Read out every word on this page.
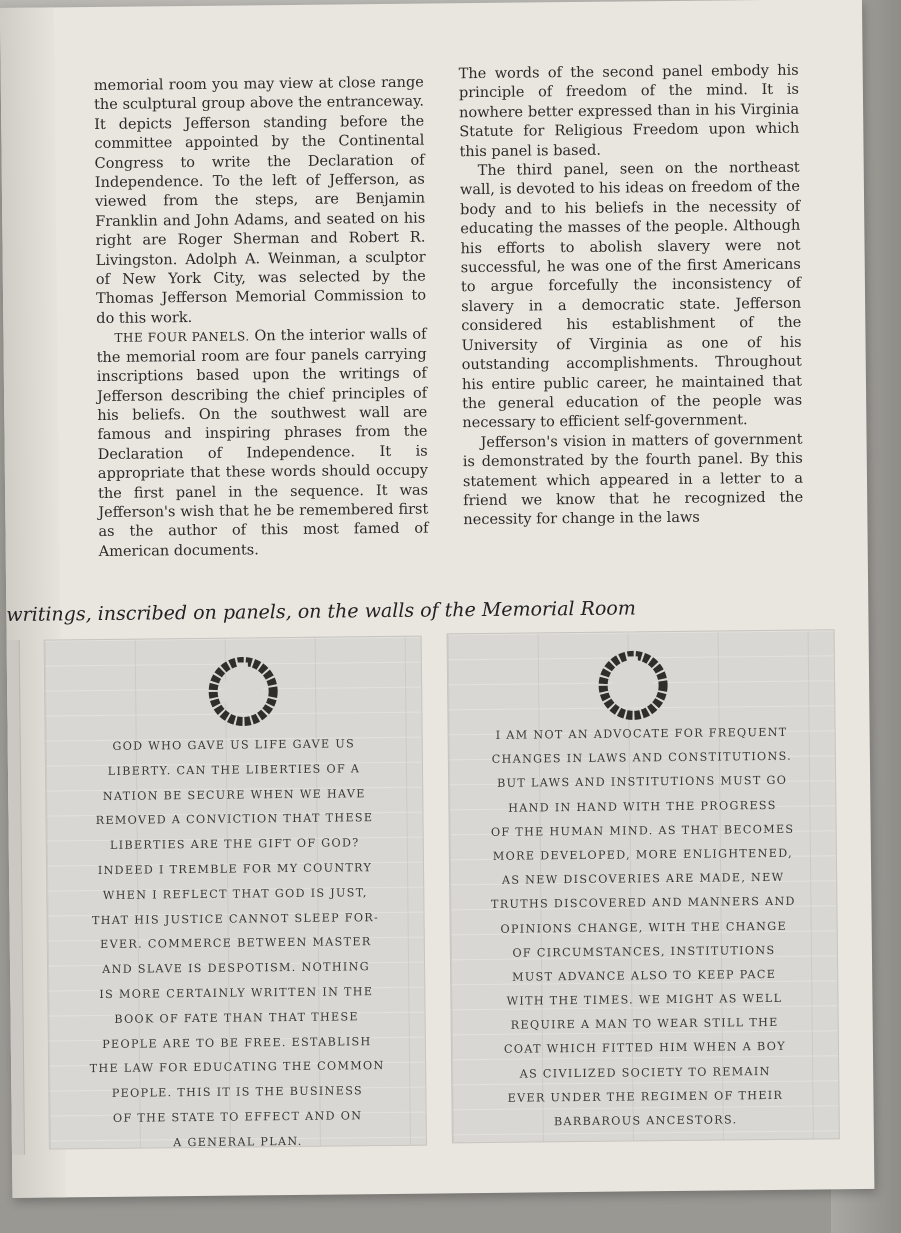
memorial room you may view at close range the sculptural group above the entranceway. It depicts Jefferson standing before the committee appointed by the Continental Congress to write the Declaration of Independence. To the left of Jefferson, as viewed from the steps, are Benjamin Franklin and John Adams, and seated on his right are Roger Sherman and Robert R. Livingston. Adolph A. Weinman, a sculptor of New York City, was selected by the Thomas Jefferson Memorial Commission to do this work.

THE FOUR PANELS. On the interior walls of the memorial room are four panels carrying inscriptions based upon the writings of Jefferson describing the chief principles of his beliefs. On the southwest wall are famous and inspiring phrases from the Declaration of Independence. It is appropriate that these words should occupy the first panel in the sequence. It was Jefferson's wish that he be remembered first as the author of this most famed of American documents.

The words of the second panel embody his principle of freedom of the mind. It is nowhere better expressed than in his Virginia Statute for Religious Freedom upon which this panel is based.

The third panel, seen on the northeast wall, is devoted to his ideas on freedom of the body and to his beliefs in the necessity of educating the masses of the people. Although his efforts to abolish slavery were not successful, he was one of the first Americans to argue forcefully the inconsistency of slavery in a democratic state. Jefferson considered his establishment of the University of Virginia as one of his outstanding accomplishments. Throughout his entire public career, he maintained that the general education of the people was necessary to efficient self-government.

Jefferson's vision in matters of government is demonstrated by the fourth panel. By this statement which appeared in a letter to a friend we know that he recognized the necessity for change in the laws

writings, inscribed on panels, on the walls of the Memorial Room
GOD WHO GAVE US LIFE GAVE US
LIBERTY. CAN THE LIBERTIES OF A
NATION BE SECURE WHEN WE HAVE
REMOVED A CONVICTION THAT THESE
LIBERTIES ARE THE GIFT OF GOD?
INDEED I TREMBLE FOR MY COUNTRY
WHEN I REFLECT THAT GOD IS JUST,
THAT HIS JUSTICE CANNOT SLEEP FOR-
EVER. COMMERCE BETWEEN MASTER
AND SLAVE IS DESPOTISM. NOTHING
IS MORE CERTAINLY WRITTEN IN THE
BOOK OF FATE THAN THAT THESE
PEOPLE ARE TO BE FREE. ESTABLISH
THE LAW FOR EDUCATING THE COMMON
PEOPLE. THIS IT IS THE BUSINESS
OF THE STATE TO EFFECT AND ON
A GENERAL PLAN.
I AM NOT AN ADVOCATE FOR FREQUENT
CHANGES IN LAWS AND CONSTITUTIONS.
BUT LAWS AND INSTITUTIONS MUST GO
HAND IN HAND WITH THE PROGRESS
OF THE HUMAN MIND. AS THAT BECOMES
MORE DEVELOPED, MORE ENLIGHTENED,
AS NEW DISCOVERIES ARE MADE, NEW
TRUTHS DISCOVERED AND MANNERS AND
OPINIONS CHANGE, WITH THE CHANGE
OF CIRCUMSTANCES, INSTITUTIONS
MUST ADVANCE ALSO TO KEEP PACE
WITH THE TIMES. WE MIGHT AS WELL
REQUIRE A MAN TO WEAR STILL THE
COAT WHICH FITTED HIM WHEN A BOY
AS CIVILIZED SOCIETY TO REMAIN
EVER UNDER THE REGIMEN OF THEIR
BARBAROUS ANCESTORS.
